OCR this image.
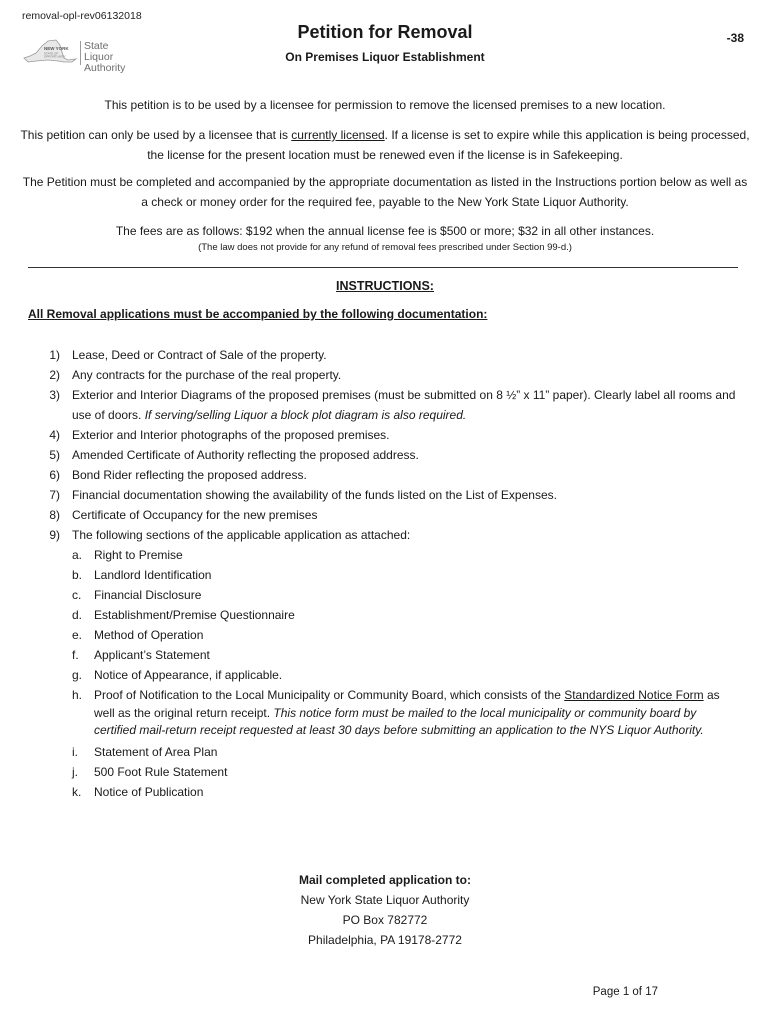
removal-opl-rev06132018
NEW YORK
STATE OF
OPPORTUNITY
State Liquor
Authority
Petition for Removal	-38
On Premises Liquor Establishment
This petition is to be used by a licensee for permission to remove the licensed premises to a new location.
This petition can only be used by a licensee that is currently licensed. If a license is set to expire while this application is being processed, the license for the present location must be renewed even if the license is in Safekeeping.
The Petition must be completed and accompanied by the appropriate documentation as listed in the Instructions portion below as well as a check or money order for the required fee, payable to the New York State Liquor Authority.
The fees are as follows: $192 when the annual license fee is $500 or more; $32 in all other instances.
(The law does not provide for any refund of removal fees prescribed under Section 99-d.)
INSTRUCTIONS:
All Removal applications must be accompanied by the following documentation:
1) Lease, Deed or Contract of Sale of the property.
2) Any contracts for the purchase of the real property.
3) Exterior and Interior Diagrams of the proposed premises (must be submitted on 8 ½” x 11” paper). Clearly label all rooms and use of doors. If serving/selling Liquor a block plot diagram is also required.
4) Exterior and Interior photographs of the proposed premises.
5) Amended Certificate of Authority reflecting the proposed address.
6) Bond Rider reflecting the proposed address.
7) Financial documentation showing the availability of the funds listed on the List of Expenses.
8) Certificate of Occupancy for the new premises
9) The following sections of the applicable application as attached:
a. Right to Premise
b. Landlord Identification
c. Financial Disclosure
d. Establishment/Premise Questionnaire
e. Method of Operation
f. Applicant’s Statement
g. Notice of Appearance, if applicable.
h. Proof of Notification to the Local Municipality or Community Board, which consists of the Standardized Notice Form as well as the original return receipt. This notice form must be mailed to the local municipality or community board by certified mail-return receipt requested at least 30 days before submitting an application to the NYS Liquor Authority.
i. Statement of Area Plan
j. 500 Foot Rule Statement
k. Notice of Publication
Mail completed application to:
New York State Liquor Authority
PO Box 782772
Philadelphia, PA 19178-2772
Page 1 of 17
